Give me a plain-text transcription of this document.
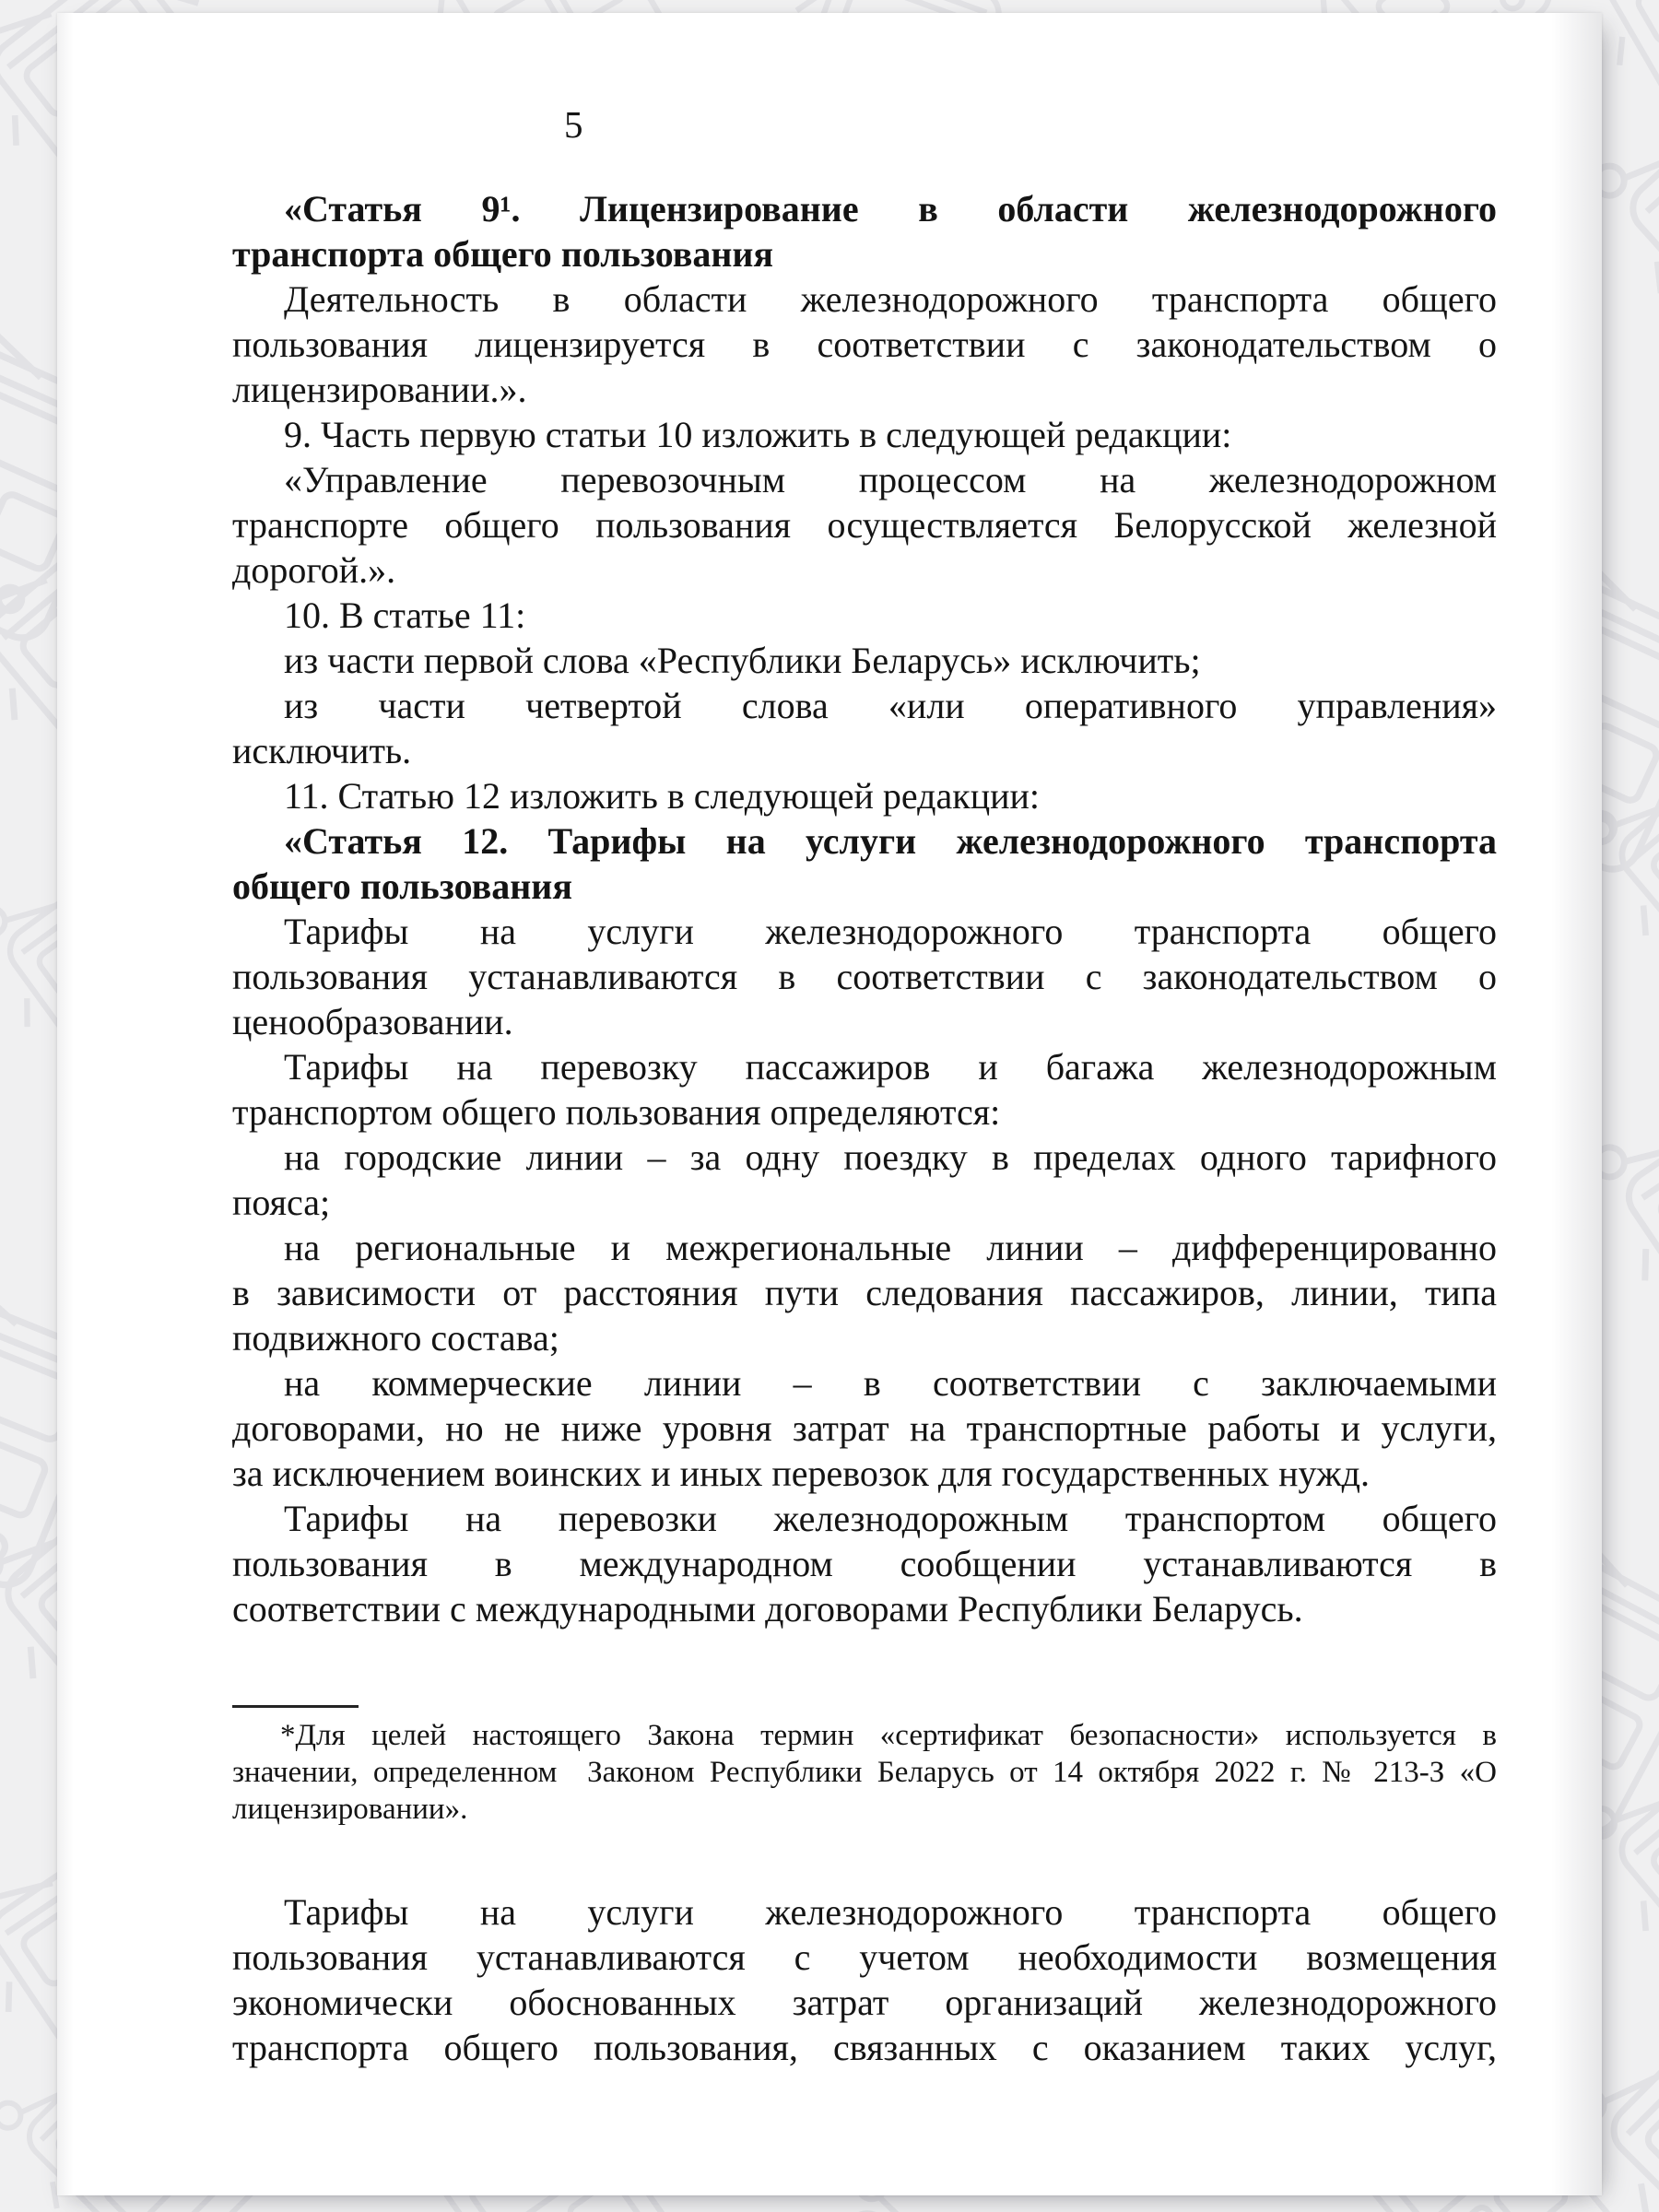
5
«Статья 9¹. Лицензирование в области железнодорожного
транспорта общего пользования
Деятельность в области железнодорожного транспорта общего
пользования лицензируется в соответствии с законодательством о
лицензировании.».
9. Часть первую статьи 10 изложить в следующей редакции:
«Управление перевозочным процессом на железнодорожном
транспорте общего пользования осуществляется Белорусской железной
дорогой.».
10. В статье 11:
из части первой слова «Республики Беларусь» исключить;
из части четвертой слова «или оперативного управления»
исключить.
11. Статью 12 изложить в следующей редакции:
«Статья 12. Тарифы на услуги железнодорожного транспорта
общего пользования
Тарифы на услуги железнодорожного транспорта общего
пользования устанавливаются в соответствии с законодательством о
ценообразовании.
Тарифы на перевозку пассажиров и багажа железнодорожным
транспортом общего пользования определяются:
на городские линии – за одну поездку в пределах одного тарифного
пояса;
на региональные и межрегиональные линии – дифференцированно
в зависимости от расстояния пути следования пассажиров, линии, типа
подвижного состава;
на коммерческие линии – в соответствии с заключаемыми
договорами, но не ниже уровня затрат на транспортные работы и услуги,
за исключением воинских и иных перевозок для государственных нужд.
Тарифы на перевозки железнодорожным транспортом общего
пользования в международном сообщении устанавливаются в
соответствии с международными договорами Республики Беларусь.
*Для целей настоящего Закона термин «сертификат безопасности» используется в
значении, определенном  Законом Республики Беларусь от 14 октября 2022 г. № 213-З «О
лицензировании».
Тарифы на услуги железнодорожного транспорта общего
пользования устанавливаются с учетом необходимости возмещения
экономически обоснованных затрат организаций железнодорожного
транспорта общего пользования, связанных с оказанием таких услуг,
